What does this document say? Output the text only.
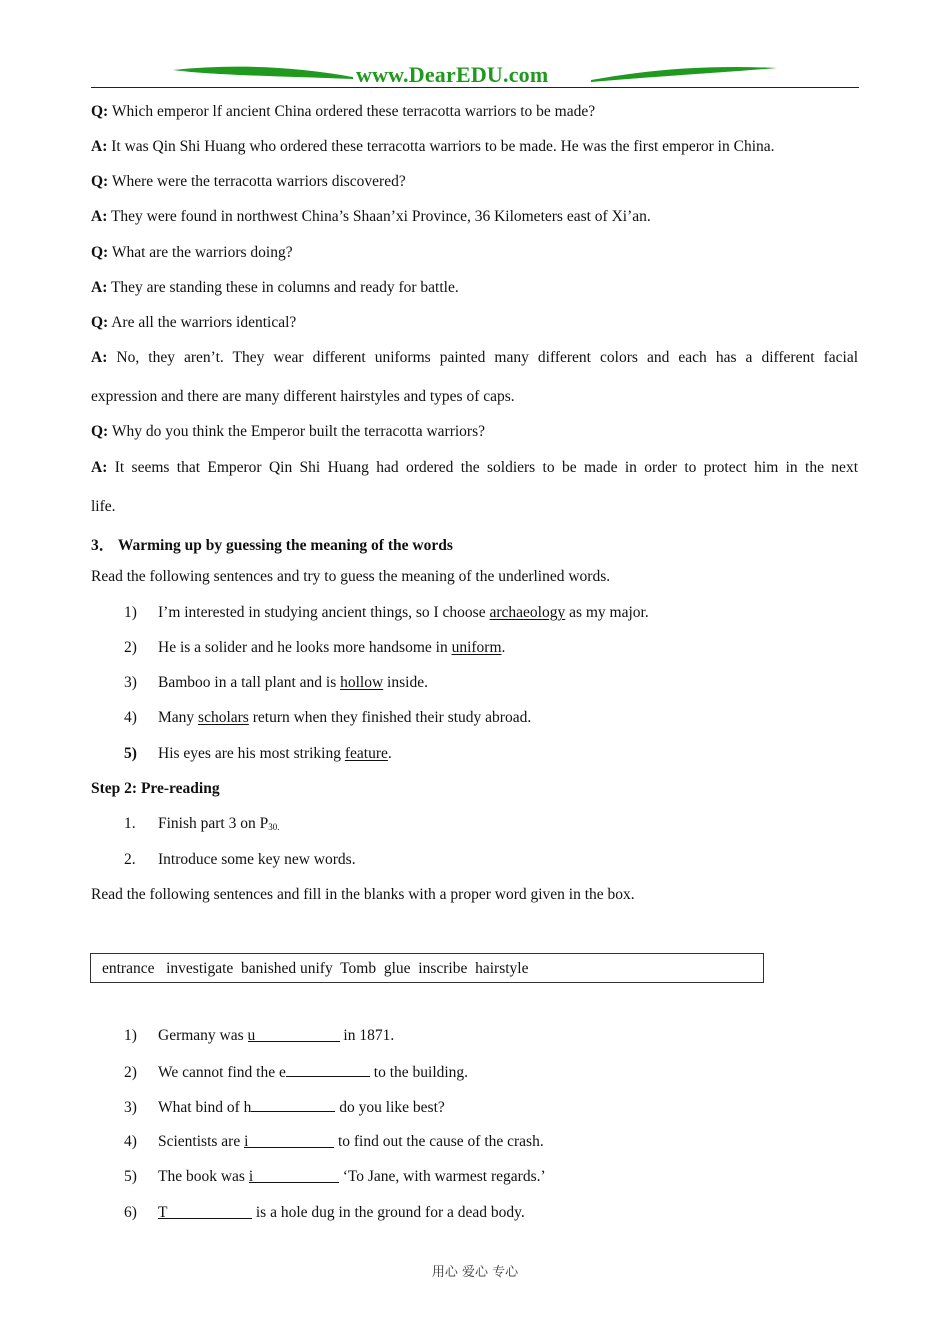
www.DearEDU.com
Q: Which emperor lf ancient China ordered these terracotta warriors to be made?
A: It was Qin Shi Huang who ordered these terracotta warriors to be made. He was the first emperor in China.
Q: Where were the terracotta warriors discovered?
A: They were found in northwest China’s Shaan’xi Province, 36 Kilometers east of Xi’an.
Q: What are the warriors doing?
A: They are standing these in columns and ready for battle.
Q: Are all the warriors identical?
A: No, they aren’t. They wear different uniforms painted many different colors and each has a different facial
expression and there are many different hairstyles and types of caps.
Q: Why do you think the Emperor built the terracotta warriors?
A: It seems that Emperor Qin Shi Huang had ordered the soldiers to be made in order to protect him in the next
life.
3． Warming up by guessing the meaning of the words
Read the following sentences and try to guess the meaning of the underlined words.
1) I’m interested in studying ancient things, so I choose archaeology as my major.
2) He is a solider and he looks more handsome in uniform.
3) Bamboo in a tall plant and is hollow inside.
4) Many scholars return when they finished their study abroad.
5) His eyes are his most striking feature.
Step 2: Pre-reading
1. Finish part 3 on $P_{30.}$
2. Introduce some key new words.
Read the following sentences and fill in the blanks with a proper word given in the box.
entrance   investigate  banished unify  Tomb  glue  inscribe  hairstyle
1) Germany was u	in 1871.
2) We cannot find the e	to the building.
3) What bind of h	do you like best?
4) Scientists are i	to find out the cause of the crash.
5) The book was i	‘To Jane, with warmest regards.’
6) T	is a hole dug in the ground for a dead body.
用心 爱心 专心
